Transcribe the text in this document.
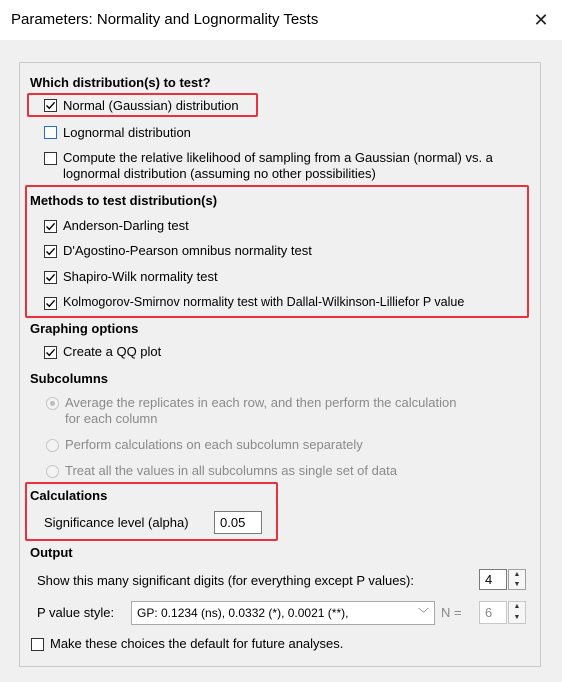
Parameters: Normality and Lognormality Tests	✕
Which distribution(s) to test?
Normal (Gaussian) distribution
Lognormal distribution
Compute the relative likelihood of sampling from a Gaussian (normal) vs. a
lognormal distribution (assuming no other possibilities)
Methods to test distribution(s)
Anderson-Darling test
D'Agostino-Pearson omnibus normality test
Shapiro-Wilk normality test
Kolmogorov-Smirnov normality test with Dallal-Wilkinson-Lilliefor P value
Graphing options
Create a QQ plot
Subcolumns
Average the replicates in each row, and then perform the calculation
for each column
Perform calculations on each subcolumn separately
Treat all the values in all subcolumns as single set of data
Calculations
Significance level (alpha)	0.05
Output
Show this many significant digits (for everything except P values):	4	▲
▼
P value style:	GP: 0.1234 (ns), 0.0332 (*), 0.0021 (**),	﹀ N =	6	▲
▼
Make these choices the default for future analyses.
